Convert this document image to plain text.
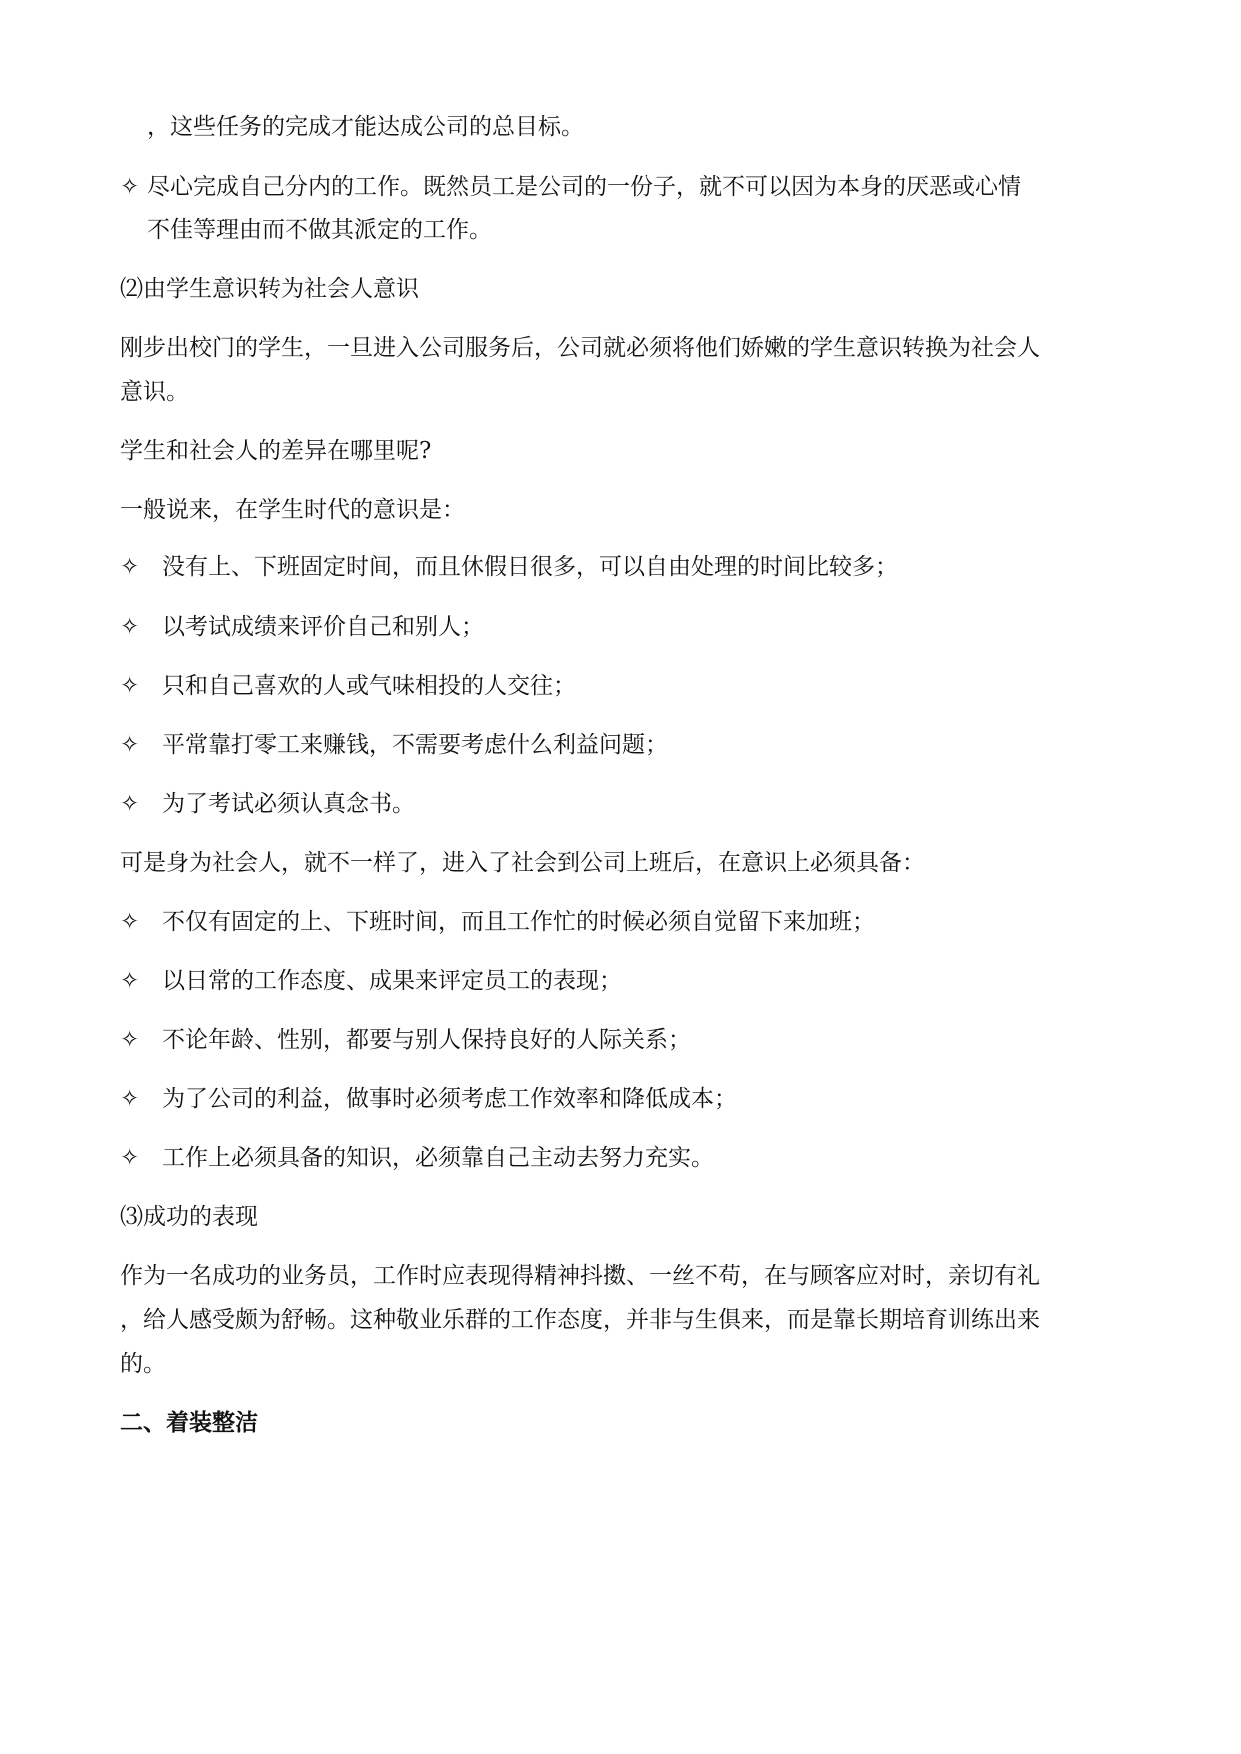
，这些任务的完成才能达成公司的总目标。

✧ 尽心完成自己分内的工作。既然员工是公司的一份子，就不可以因为本身的厌恶或心情

不佳等理由而不做其派定的工作。

⑵由学生意识转为社会人意识

刚步出校门的学生，一旦进入公司服务后，公司就必须将他们娇嫩的学生意识转换为社会人

意识。

学生和社会人的差异在哪里呢?

一般说来，在学生时代的意识是：

✧ 没有上、下班固定时间，而且休假日很多，可以自由处理的时间比较多；

✧ 以考试成绩来评价自己和别人；

✧ 只和自己喜欢的人或气味相投的人交往；

✧ 平常靠打零工来赚钱，不需要考虑什么利益问题；

✧ 为了考试必须认真念书。

可是身为社会人，就不一样了，进入了社会到公司上班后，在意识上必须具备：

✧ 不仅有固定的上、下班时间，而且工作忙的时候必须自觉留下来加班；

✧ 以日常的工作态度、成果来评定员工的表现；

✧ 不论年龄、性别，都要与别人保持良好的人际关系；

✧ 为了公司的利益，做事时必须考虑工作效率和降低成本；

✧ 工作上必须具备的知识，必须靠自己主动去努力充实。

⑶成功的表现

作为一名成功的业务员，工作时应表现得精神抖擞、一丝不苟，在与顾客应对时，亲切有礼

，给人感受颇为舒畅。这种敬业乐群的工作态度，并非与生俱来，而是靠长期培育训练出来

的。

二、着装整洁
